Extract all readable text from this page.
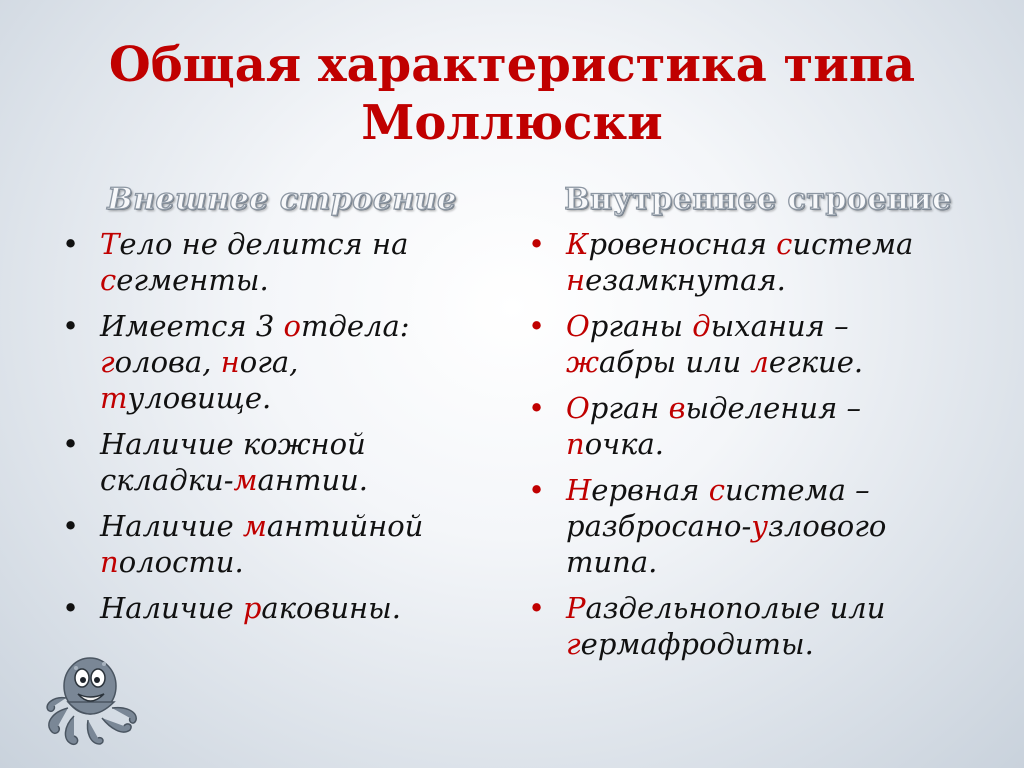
Общая характеристика типа
Моллюски
Внешнее строение
• Тело не делится на
сегменты.
• Имеется 3 отдела:
голова, нога,
туловище.
• Наличие кожной
складки-мантии.
• Наличие мантийной
полости.
• Наличие раковины.
Внутреннее строение
• Кровеносная система
незамкнутая.
• Органы дыхания –
жабры или легкие.
• Орган выделения –
почка.
• Нервная система –
разбросано-узлового
типа.
• Раздельнополые или
гермафродиты.
